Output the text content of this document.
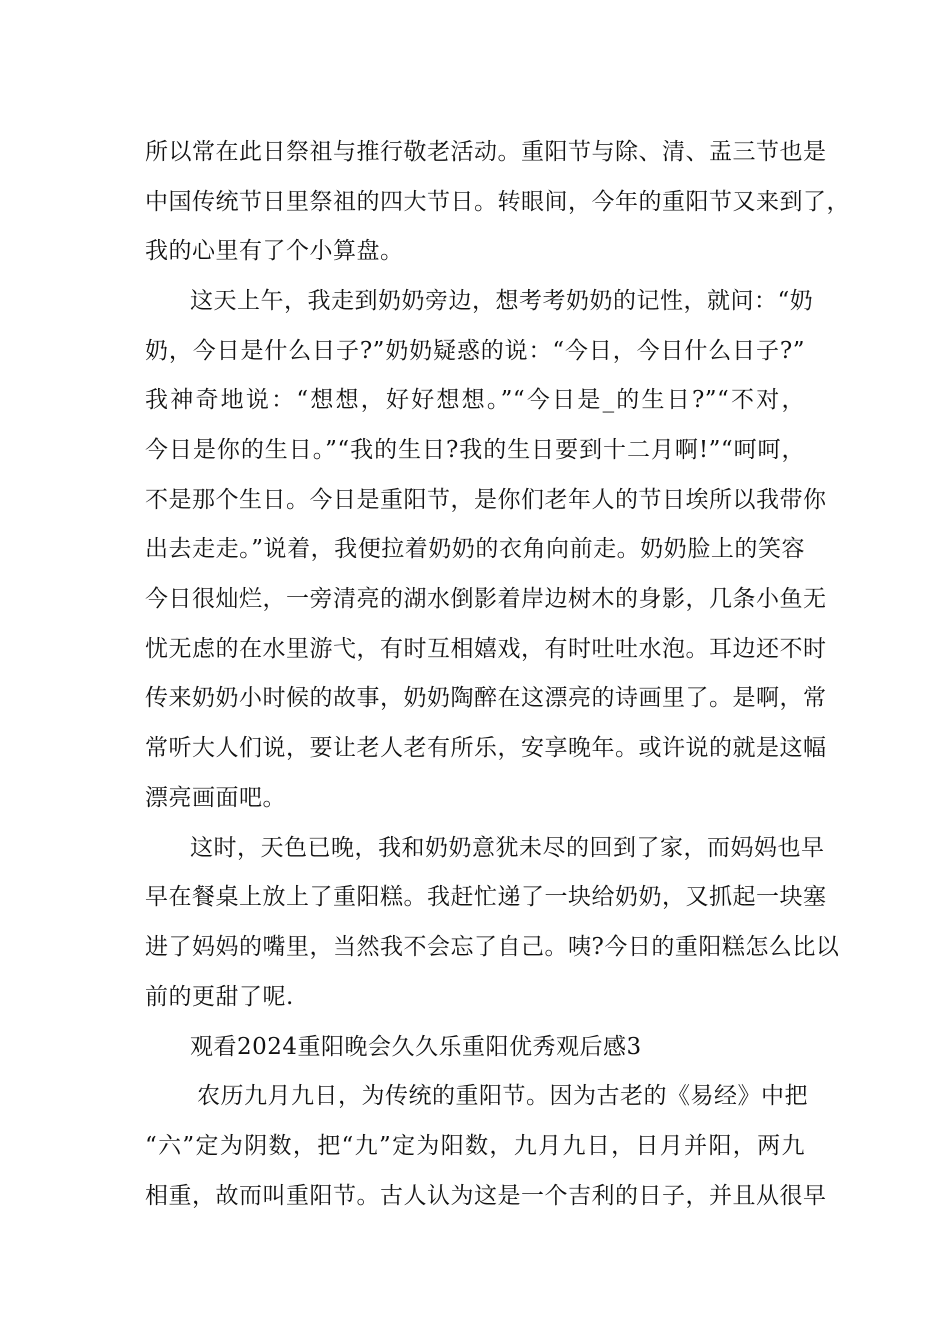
所以常在此日祭祖与推行敬老活动。重阳节与除、清、盂三节也是
中国传统节日里祭祖的四大节日。转眼间，今年的重阳节又来到了，
我的心里有了个小算盘。
这天上午，我走到奶奶旁边，想考考奶奶的记性，就问：“奶
奶，今日是什么日子?”奶奶疑惑的说：“今日，今日什么日子?”
我神奇地说：“想想，好好想想。”“今日是_的生日?”“不对，
今日是你的生日。”“我的生日?我的生日要到十二月啊!”“呵呵，
不是那个生日。今日是重阳节，是你们老年人的节日埃所以我带你
出去走走。”说着，我便拉着奶奶的衣角向前走。奶奶脸上的笑容
今日很灿烂，一旁清亮的湖水倒影着岸边树木的身影，几条小鱼无
忧无虑的在水里游弋，有时互相嬉戏，有时吐吐水泡。耳边还不时
传来奶奶小时候的故事，奶奶陶醉在这漂亮的诗画里了。是啊，常
常听大人们说，要让老人老有所乐，安享晚年。或许说的就是这幅
漂亮画面吧。
这时，天色已晚，我和奶奶意犹未尽的回到了家，而妈妈也早
早在餐桌上放上了重阳糕。我赶忙递了一块给奶奶，又抓起一块塞
进了妈妈的嘴里，当然我不会忘了自己。咦?今日的重阳糕怎么比以
前的更甜了呢.
观看2024重阳晚会久久乐重阳优秀观后感3
农历九月九日，为传统的重阳节。因为古老的《易经》中把
“六”定为阴数，把“九”定为阳数，九月九日，日月并阳，两九
相重，故而叫重阳节。古人认为这是一个吉利的日子，并且从很早
